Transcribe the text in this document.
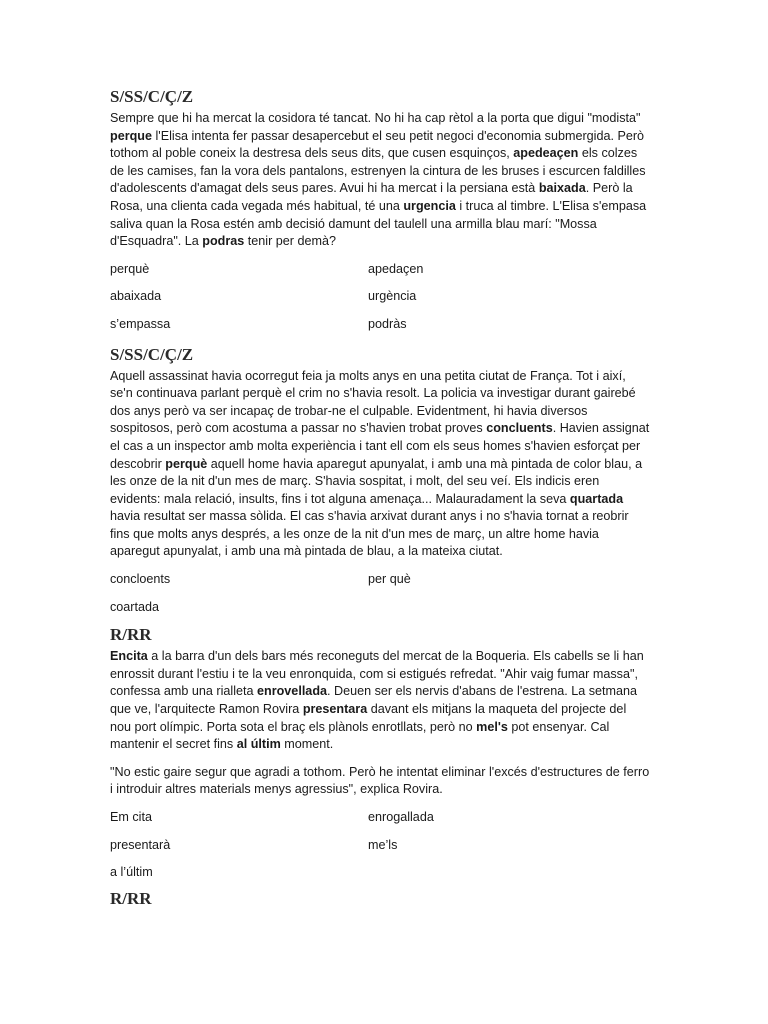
S/SS/C/Ç/Z

Sempre que hi ha mercat la cosidora té tancat. No hi ha cap rètol a la porta que digui "modista" perque l'Elisa intenta fer passar desapercebut el seu petit negoci d'economia submergida. Però tothom al poble coneix la destresa dels seus dits, que cusen esquinços, apedeaçen els colzes de les camises, fan la vora dels pantalons, estrenyen la cintura de les bruses i escurcen faldilles d'adolescents d'amagat dels seus pares. Avui hi ha mercat i la persiana està baixada. Però la Rosa, una clienta cada vegada més habitual, té una urgencia i truca al timbre. L'Elisa s'empasa saliva quan la Rosa estén amb decisió damunt del taulell una armilla blau marí: "Mossa d'Esquadra". La podras tenir per demà?

perquè	apedaçen
abaixada	urgència
s’empassa	podràs
S/SS/C/Ç/Z

Aquell assassinat havia ocorregut feia ja molts anys en una petita ciutat de França. Tot i així, se'n continuava parlant perquè el crim no s'havia resolt. La policia va investigar durant gairebé dos anys però va ser incapaç de trobar-ne el culpable. Evidentment, hi havia diversos sospitosos, però com acostuma a passar no s'havien trobat proves concluents. Havien assignat el cas a un inspector amb molta experiència i tant ell com els seus homes s'havien esforçat per descobrir perquè aquell home havia aparegut apunyalat, i amb una mà pintada de color blau, a les onze de la nit d'un mes de març. S'havia sospitat, i molt, del seu veí. Els indicis eren evidents: mala relació, insults, fins i tot alguna amenaça... Malauradament la seva quartada havia resultat ser massa sòlida. El cas s'havia arxivat durant anys i no s'havia tornat a reobrir fins que molts anys després, a les onze de la nit d'un mes de març, un altre home havia aparegut apunyalat, i amb una mà pintada de blau, a la mateixa ciutat.

concloents	per què
coartada
R/RR

Encita a la barra d'un dels bars més reconeguts del mercat de la Boqueria. Els cabells se li han enrossit durant l'estiu i te la veu enronquida, com si estigués refredat. "Ahir vaig fumar massa", confessa amb una rialleta enrovellada. Deuen ser els nervis d'abans de l'estrena. La setmana que ve, l'arquitecte Ramon Rovira presentara davant els mitjans la maqueta del projecte del nou port olímpic. Porta sota el braç els plànols enrotllats, però no mel's pot ensenyar. Cal mantenir el secret fins al últim moment.

"No estic gaire segur que agradi a tothom. Però he intentat eliminar l'excés d'estructures de ferro i introduir altres materials menys agressius", explica Rovira.

Em cita	enrogallada
presentarà	me’ls
a l’últim
R/RR
